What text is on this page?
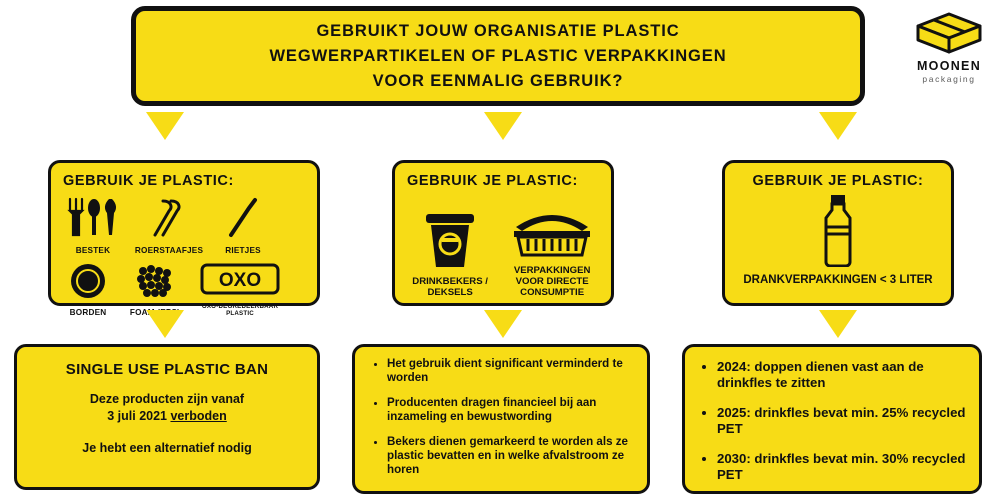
GEBRUIKT JOUW ORGANISATIE PLASTIC
WEGWERPARTIKELEN OF PLASTIC VERPAKKINGEN
VOOR EENMALIG GEBRUIK?
MOONEN
packaging
GEBRUIK JE PLASTIC:
BESTEK	ROERSTAAFJES	RIETJES
BORDEN	FOAM (EPS)
OXO
OXO-DEGREDEERBAAR PLASTIC
GEBRUIK JE PLASTIC:
DRINKBEKERS / DEKSELS
VERPAKKINGEN VOOR DIRECTE CONSUMPTIE
GEBRUIK JE PLASTIC:
DRANKVERPAKKINGEN < 3 LITER
SINGLE USE PLASTIC BAN
Deze producten zijn vanaf
3 juli 2021 verboden
Je hebt een alternatief nodig
• Het gebruik dient significant verminderd te worden
• Producenten dragen financieel bij aan inzameling en bewustwording
• Bekers dienen gemarkeerd te worden als ze plastic bevatten en in welke afvalstroom ze horen
• 2024: doppen dienen vast aan de drinkfles te zitten
• 2025: drinkfles bevat min. 25% recycled PET
• 2030: drinkfles bevat min. 30% recycled PET
